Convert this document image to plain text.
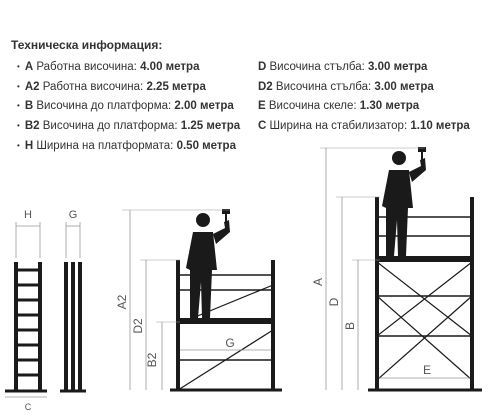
Техническа информация:
• A Работна височина: 4.00 метра
• A2 Работна височина: 2.25 метра
• B Височина до платформа: 2.00 метра
• B2 Височина до платформа: 1.25 метра
• H Ширина на платформата: 0.50 метра
D Височина стълба: 3.00 метра
D2 Височина стълба: 3.00 метра
E Височина скеле: 1.30 метра
C Ширина на стабилизатор: 1.10 метра
H	G
C
A2
D2
B2
G
A
D
B
E
